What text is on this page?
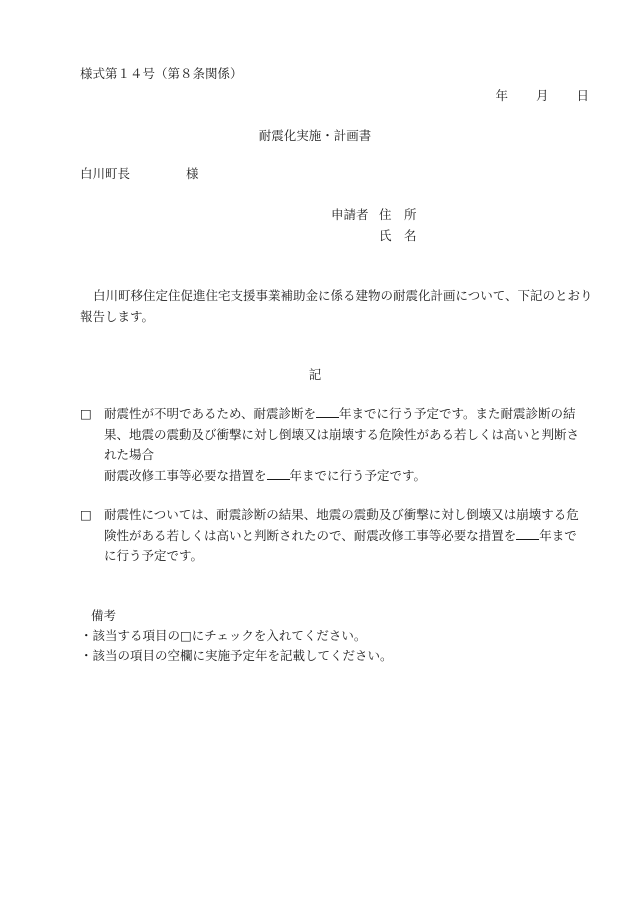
様式第１４号（第８条関係）
年 月 日
耐震化実施・計画書
白川町長	様
申請者 住　所
氏　名
白川町移住定住促進住宅支援事業補助金に係る建物の耐震化計画について、下記のとおり報告します。
記
□ 耐震性が不明であるため、耐震診断を 年までに行う予定です。また耐震診断の結
果、地震の震動及び衝撃に対し倒壊又は崩壊する危険性がある若しくは高いと判断さ
れた場合
耐震改修工事等必要な措置を 年までに行う予定です。
□ 耐震性については、耐震診断の結果、地震の震動及び衝撃に対し倒壊又は崩壊する危
険性がある若しくは高いと判断されたので、耐震改修工事等必要な措置を 年まで
に行う予定です。
備考
・該当する項目の□にチェックを入れてください。
・該当の項目の空欄に実施予定年を記載してください。
